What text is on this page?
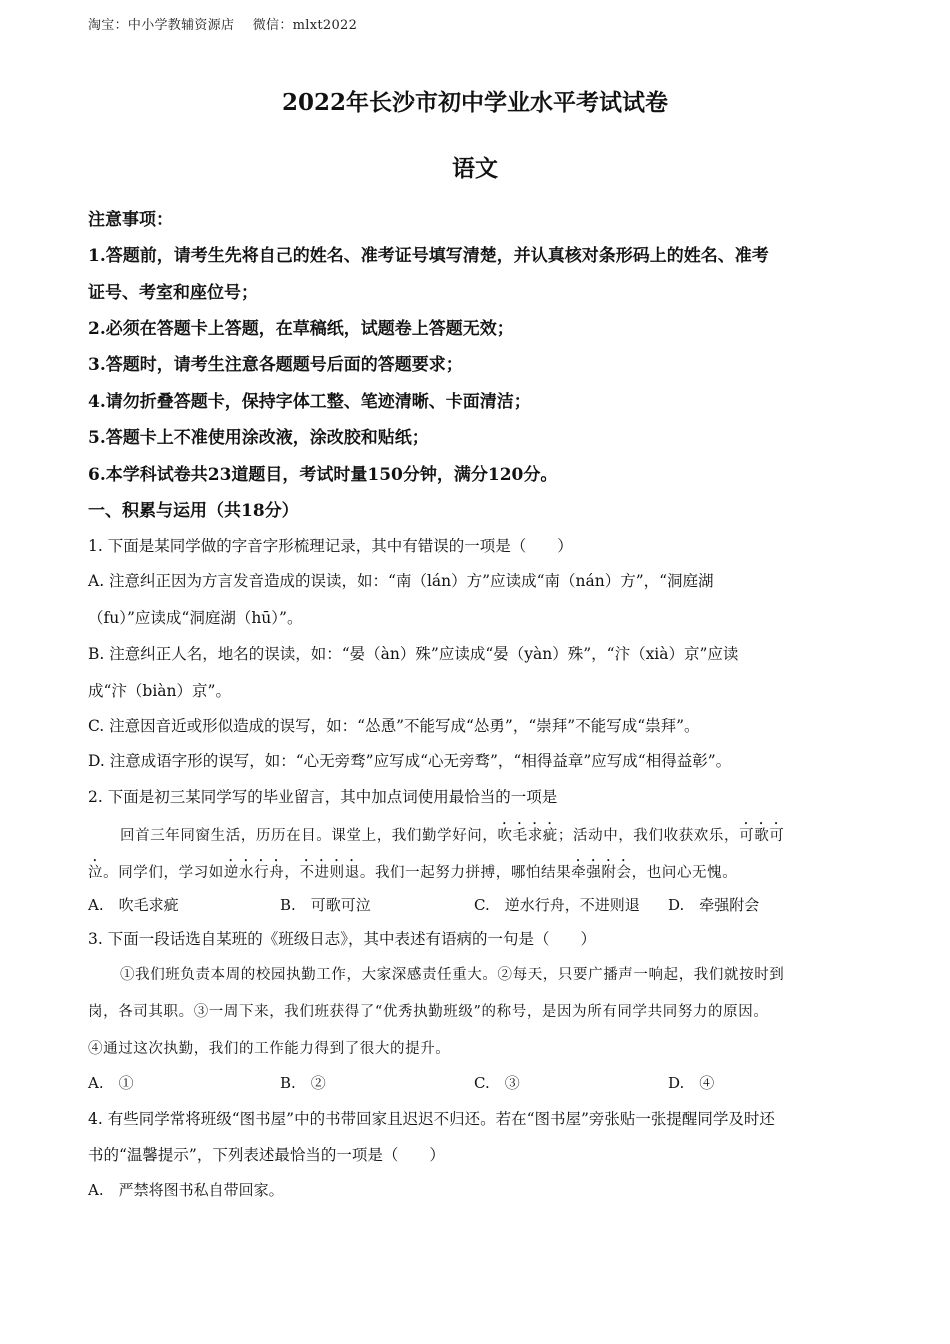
淘宝：中小学教辅资源店 微信：mlxt2022
2022年长沙市初中学业水平考试试卷
语文
注意事项：
1.答题前，请考生先将自己的姓名、准考证号填写清楚，并认真核对条形码上的姓名、准考
证号、考室和座位号；
2.必须在答题卡上答题，在草稿纸，试题卷上答题无效；
3.答题时，请考生注意各题题号后面的答题要求；
4.请勿折叠答题卡，保持字体工整、笔迹清晰、卡面清洁；
5.答题卡上不准使用涂改液，涂改胶和贴纸；
6.本学科试卷共23道题目，考试时量150分钟，满分120分。
一、积累与运用（共18分）
1. 下面是某同学做的字音字形梳理记录，其中有错误的一项是（　　）
A. 注意纠正因为方言发音造成的误读，如：“南（lán）方”应读成“南（nán）方”，“洞庭湖
（fu）”应读成“洞庭湖（hū）”。
B. 注意纠正人名，地名的误读，如：“晏（àn）殊”应读成“晏（yàn）殊”，“汴（xià）京”应读
成“汴（biàn）京”。
C. 注意因音近或形似造成的误写，如：“怂恿”不能写成“怂勇”，“崇拜”不能写成“祟拜”。
D. 注意成语字形的误写，如：“心无旁骛”应写成“心无旁骛”，“相得益章”应写成“相得益彰”。
2. 下面是初三某同学写的毕业留言，其中加点词使用最恰当的一项是
回首三年同窗生活，历历在目。课堂上，我们勤学好问，吹毛求疵；活动中，我们收获欢乐，可歌可
泣。同学们，学习如逆水行舟，不进则退。我们一起努力拼搏，哪怕结果牵强附会，也问心无愧。
A.　吹毛求疵	B.　可歌可泣	C.　逆水行舟，不进则退 D.　牵强附会
3. 下面一段话选自某班的《班级日志》，其中表述有语病的一句是（　　）
①我们班负责本周的校园执勤工作，大家深感责任重大。②每天，只要广播声一响起，我们就按时到
岗，各司其职。③一周下来，我们班获得了“优秀执勤班级”的称号，是因为所有同学共同努力的原因。
④通过这次执勤，我们的工作能力得到了很大的提升。
A.　①	B.　②	C.　③	D.　④
4. 有些同学常将班级“图书屋”中的书带回家且迟迟不归还。若在“图书屋”旁张贴一张提醒同学及时还
书的“温馨提示”，下列表述最恰当的一项是（　　）
A.　严禁将图书私自带回家。
